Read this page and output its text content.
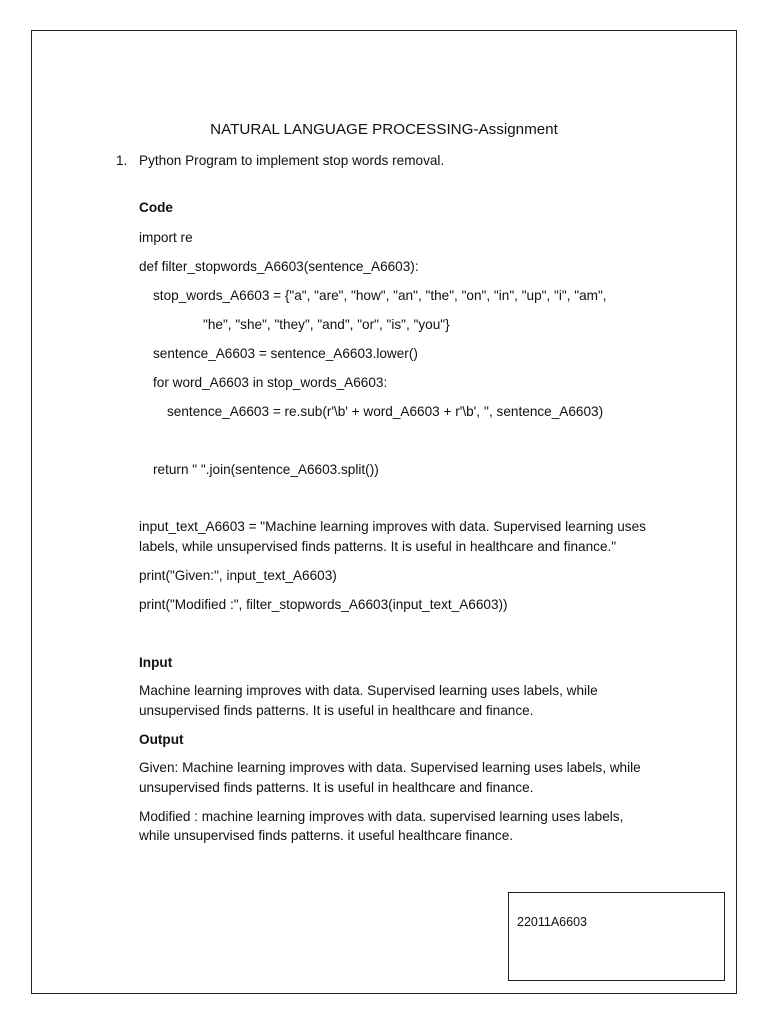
NATURAL LANGUAGE PROCESSING-Assignment
1. Python Program to implement stop words removal.
Code
import re
def filter_stopwords_A6603(sentence_A6603):
stop_words_A6603 = {"a", "are", "how", "an", "the", "on", "in", "up", "i", "am",
"he", "she", "they", "and", "or", "is", "you"}
sentence_A6603 = sentence_A6603.lower()
for word_A6603 in stop_words_A6603:
sentence_A6603 = re.sub(r'\b' + word_A6603 + r'\b', '', sentence_A6603)
return " ".join(sentence_A6603.split())
input_text_A6603 = "Machine learning improves with data. Supervised learning uses
labels, while unsupervised finds patterns. It is useful in healthcare and finance."
print("Given:", input_text_A6603)
print("Modified :", filter_stopwords_A6603(input_text_A6603))
Input
Machine learning improves with data. Supervised learning uses labels, while
unsupervised finds patterns. It is useful in healthcare and finance.
Output
Given: Machine learning improves with data. Supervised learning uses labels, while
unsupervised finds patterns. It is useful in healthcare and finance.
Modified : machine learning improves with data. supervised learning uses labels,
while unsupervised finds patterns. it useful healthcare finance.
22011A6603
